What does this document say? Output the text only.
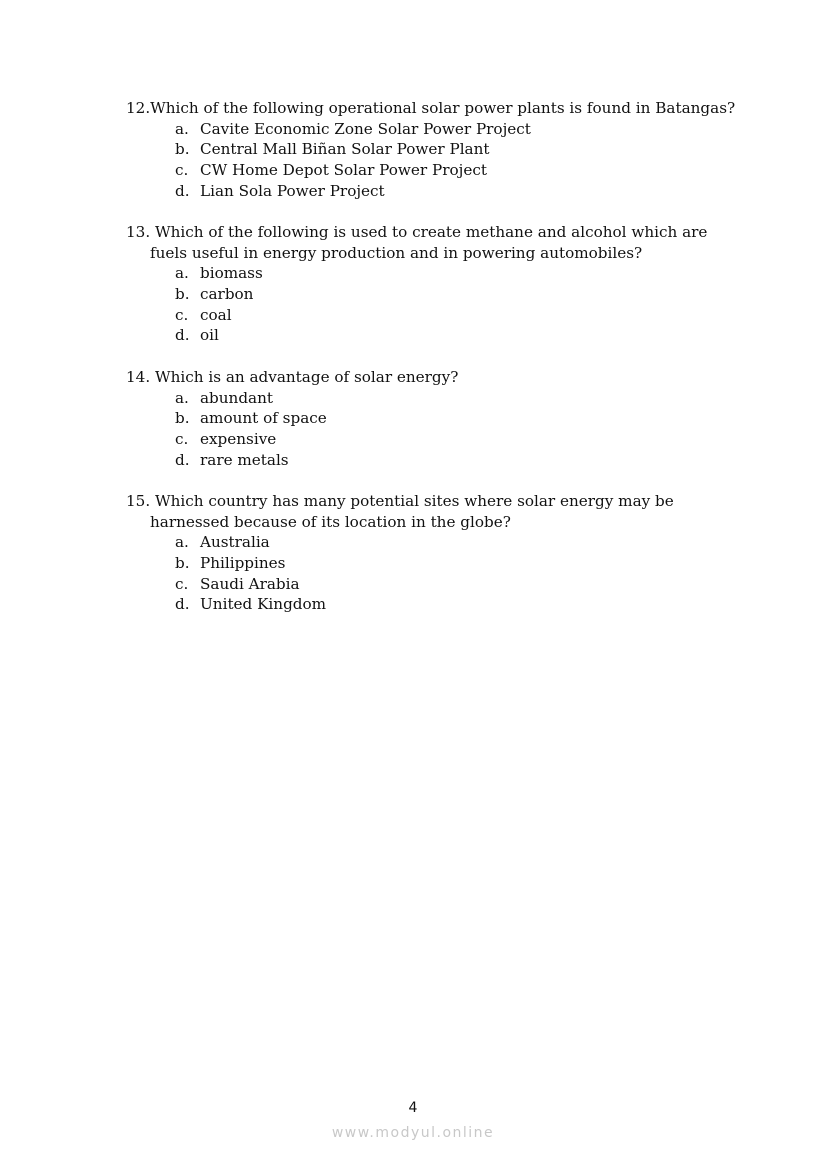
12.Which of the following operational solar power plants is found in Batangas?

a. Cavite Economic Zone Solar Power Project
b. Central Mall Biñan Solar Power Plant
c. CW Home Depot Solar Power Project
d. Lian Sola Power Project

13. Which of the following is used to create methane and alcohol which are fuels useful in energy production and in powering automobiles?

a. biomass
b. carbon
c. coal
d. oil

14. Which is an advantage of solar energy?

a. abundant
b. amount of space
c. expensive
d. rare metals

15. Which country has many potential sites where solar energy may be harnessed because of its location in the globe?

a. Australia
b. Philippines
c. Saudi Arabia
d. United Kingdom
4
www.modyul.online
